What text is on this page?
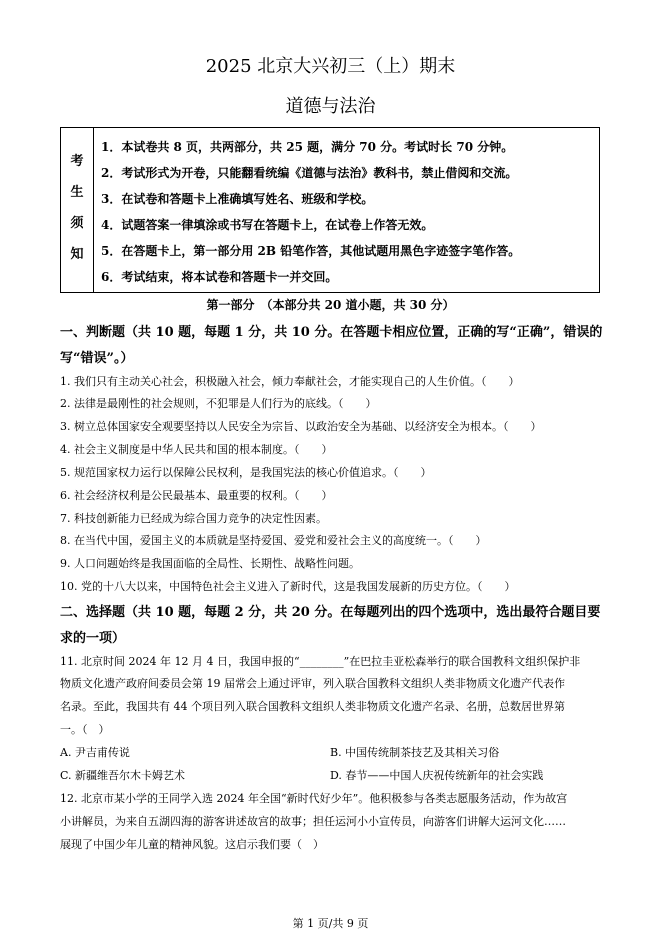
2025 北京大兴初三（上）期末
道德与法治
考
生
须
知
1．本试卷共 8 页，共两部分，共 25 题，满分 70 分。考试时长 70 分钟。
2．考试形式为开卷，只能翻看统编《道德与法治》教科书，禁止借阅和交流。
3．在试卷和答题卡上准确填写姓名、班级和学校。
4．试题答案一律填涂或书写在答题卡上，在试卷上作答无效。
5．在答题卡上，第一部分用 2B 铅笔作答，其他试题用黑色字迹签字笔作答。
6．考试结束，将本试卷和答题卡一并交回。
第一部分　（本部分共 20 道小题，共 30 分）
一、判断题（共 10 题，每题 1 分，共 10 分。在答题卡相应位置，正确的写“正确”，错误的
写“错误”。）
1. 我们只有主动关心社会，积极融入社会，倾力奉献社会，才能实现自己的人生价值。（　　）
2. 法律是最刚性的社会规则，不犯罪是人们行为的底线。（　　）
3. 树立总体国家安全观要坚持以人民安全为宗旨、以政治安全为基础、以经济安全为根本。（　　）
4. 社会主义制度是中华人民共和国的根本制度。（　　）
5. 规范国家权力运行以保障公民权利，是我国宪法的核心价值追求。（　　）
6. 社会经济权利是公民最基本、最重要的权利。（　　）
7. 科技创新能力已经成为综合国力竞争的决定性因素。
8. 在当代中国，爱国主义的本质就是坚持爱国、爱党和爱社会主义的高度统一。（　　）
9. 人口问题始终是我国面临的全局性、长期性、战略性问题。
10. 党的十八大以来，中国特色社会主义进入了新时代，这是我国发展新的历史方位。（　　）
二、选择题（共 10 题，每题 2 分，共 20 分。在每题列出的四个选项中，选出最符合题目要
求的一项）
11. 北京时间 2024 年 12 月 4 日，我国申报的“________”在巴拉圭亚松森举行的联合国教科文组织保护非
物质文化遗产政府间委员会第 19 届常会上通过评审，列入联合国教科文组织人类非物质文化遗产代表作
名录。至此，我国共有 44 个项目列入联合国教科文组织人类非物质文化遗产名录、名册，总数居世界第
一。（　）
A. 尹吉甫传说	B. 中国传统制茶技艺及其相关习俗
C. 新疆维吾尔木卡姆艺术	D. 春节——中国人庆祝传统新年的社会实践
12. 北京市某小学的王同学入选 2024 年全国“新时代好少年”。他积极参与各类志愿服务活动，作为故宫
小讲解员，为来自五湖四海的游客讲述故宫的故事；担任运河小小宣传员，向游客们讲解大运河文化……
展现了中国少年儿童的精神风貌。这启示我们要（　）
第 1 页/共 9 页
